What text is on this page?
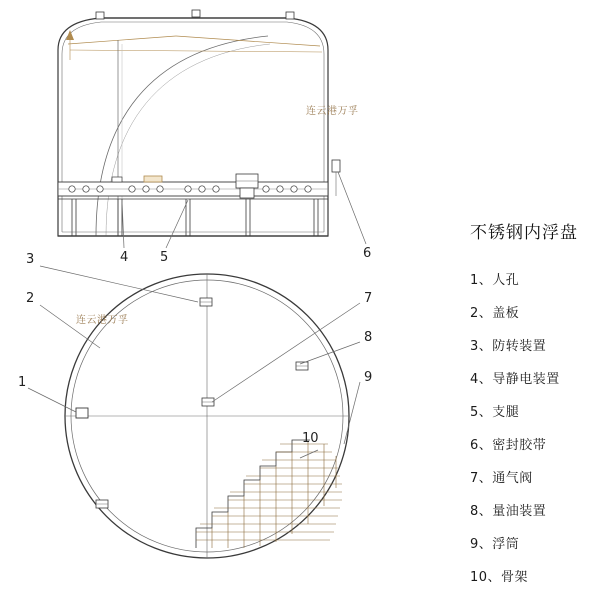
连云港万孚
连云港万孚
4 5	6
3
2
1
7
8
9
10
不锈钢内浮盘
1、人孔
2、盖板
3、防转装置
4、导静电装置
5、支腿
6、密封胶带
7、通气阀
8、量油装置
9、浮筒
10、骨架
